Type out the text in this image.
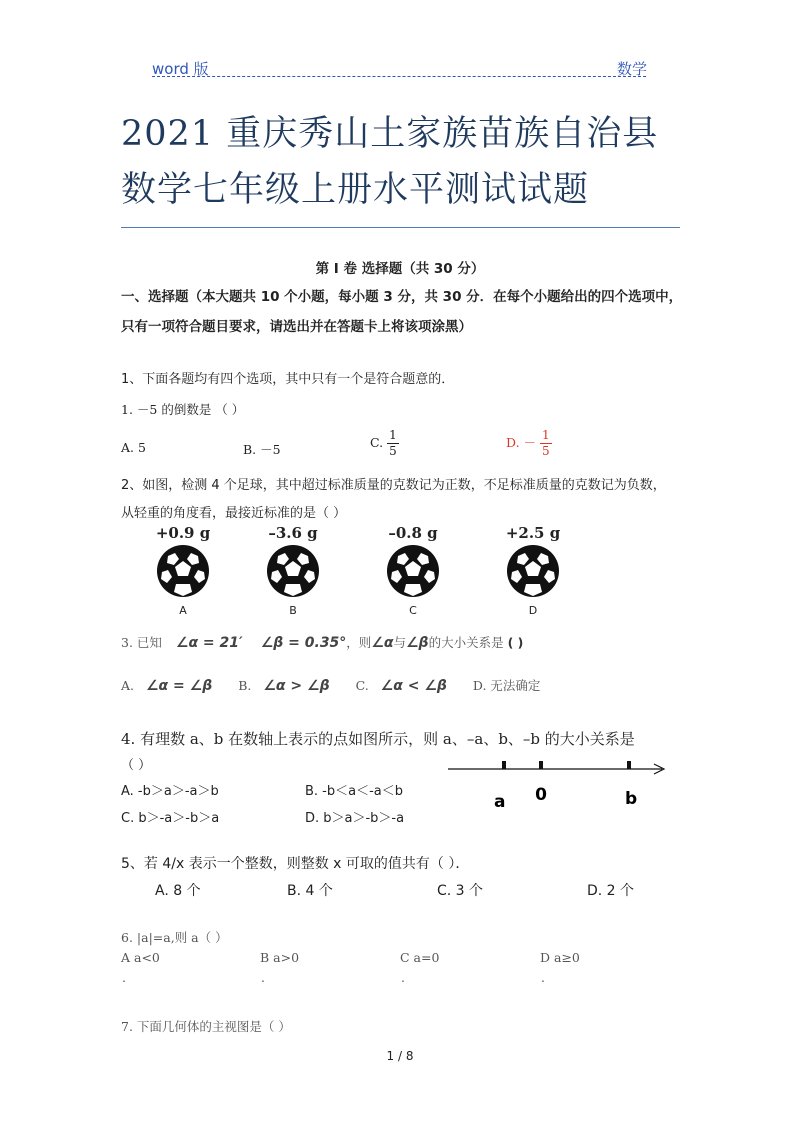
word 版	数学
2021 重庆秀山土家族苗族自治县数学七年级上册水平测试试题
第 I 卷 选择题（共 30 分）
一、选择题（本大题共 10 个小题，每小题 3 分，共 30 分．在每个小题给出的四个选项中，只有一项符合题目要求，请选出并在答题卡上将该项涂黑）
1、下面各题均有四个选项，其中只有一个是符合题意的．
1. －5 的倒数是 （ ）
A. 5	B. －5	C. $\frac{1}{5}$	D. － $\frac{1}{5}$
2、如图，检测 4 个足球，其中超过标准质量的克数记为正数，不足标准质量的克数记为负数，
从轻重的角度看，最接近标准的是（ ）
+0.9 g
A
–3.6 g
B
–0.8 g
C
+2.5 g
D
3. 已知 ∠α = 21′ ∠β = 0.35°，则∠α与∠β的大小关系是 ( )
A. ∠α = ∠β B. ∠α > ∠β C. ∠α < ∠β D. 无法确定
4. 有理数 a、b 在数轴上表示的点如图所示，则 a、–a、b、–b 的大小关系是
（ ）
A. -b＞a＞-a＞b	B. -b＜a＜-a＜b
C. b＞-a＞-b＞a	D. b＞a＞-b＞-a
a 0	b
5、若 4/x 表示一个整数，则整数 x 可取的值共有（ ）．
A. 8 个	B. 4 个	C. 3 个	D. 2 个
6. |a|=a,则 a（ ）
A a<0	B a>0	C a=0	D a≥0
.	.	.	.
7. 下面几何体的主视图是（ ）
1 / 8
